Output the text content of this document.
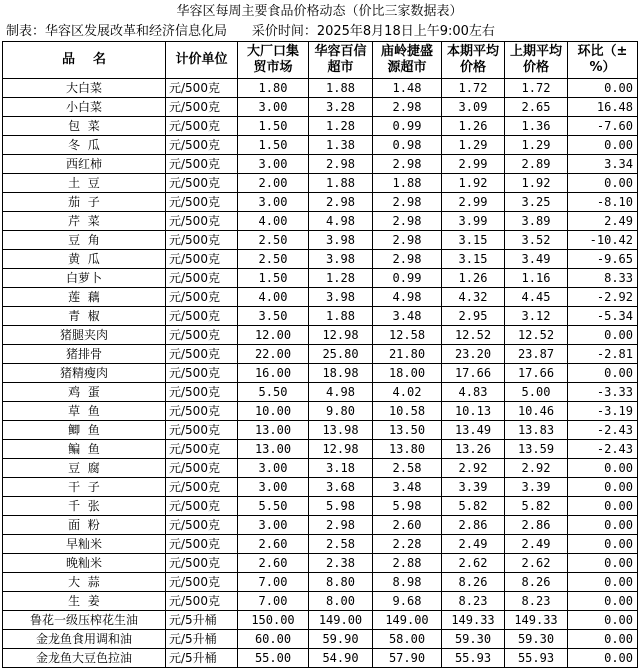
华容区每周主要食品价格动态（价比三家数据表）
制表：华容区发展改革和经济信息化局 采价时间：2025年8月18日上午9:00左右
品    名	计价单位	大厂口集贸市场	华容百信超市	庙岭捷盛源超市	本期平均价格	上期平均价格	环比（±%）
大白菜	元/500克	1.80	1.88	1.48	1.72	1.72	0.00
小白菜	元/500克	3.00	3.28	2.98	3.09	2.65	16.48
包  菜	元/500克	1.50	1.28	0.99	1.26	1.36	-7.60
冬  瓜	元/500克	1.50	1.38	0.98	1.29	1.29	0.00
西红柿	元/500克	3.00	2.98	2.98	2.99	2.89	3.34
土  豆	元/500克	2.00	1.88	1.88	1.92	1.92	0.00
茄  子	元/500克	3.00	2.98	2.98	2.99	3.25	-8.10
芹  菜	元/500克	4.00	4.98	2.98	3.99	3.89	2.49
豆  角	元/500克	2.50	3.98	2.98	3.15	3.52	-10.42
黄  瓜	元/500克	2.50	3.98	2.98	3.15	3.49	-9.65
白萝卜	元/500克	1.50	1.28	0.99	1.26	1.16	8.33
莲  藕	元/500克	4.00	3.98	4.98	4.32	4.45	-2.92
青  椒	元/500克	3.50	1.88	3.48	2.95	3.12	-5.34
猪腿夹肉	元/500克	12.00	12.98	12.58	12.52	12.52	0.00
猪排骨	元/500克	22.00	25.80	21.80	23.20	23.87	-2.81
猪精瘦肉	元/500克	16.00	18.98	18.00	17.66	17.66	0.00
鸡  蛋	元/500克	5.50	4.98	4.02	4.83	5.00	-3.33
草  鱼	元/500克	10.00	9.80	10.58	10.13	10.46	-3.19
鲫  鱼	元/500克	13.00	13.98	13.50	13.49	13.83	-2.43
鳊  鱼	元/500克	13.00	12.98	13.80	13.26	13.59	-2.43
豆  腐	元/500克	3.00	3.18	2.58	2.92	2.92	0.00
干  子	元/500克	3.00	3.68	3.48	3.39	3.39	0.00
千  张	元/500克	5.50	5.98	5.98	5.82	5.82	0.00
面  粉	元/500克	3.00	2.98	2.60	2.86	2.86	0.00
早籼米	元/500克	2.60	2.58	2.28	2.49	2.49	0.00
晚籼米	元/500克	2.60	2.38	2.88	2.62	2.62	0.00
大  蒜	元/500克	7.00	8.80	8.98	8.26	8.26	0.00
生  姜	元/500克	7.00	8.00	9.68	8.23	8.23	0.00
鲁花一级压榨花生油	元/5升桶	150.00	149.00	149.00	149.33	149.33	0.00
金龙鱼食用调和油	元/5升桶	60.00	59.90	58.00	59.30	59.30	0.00
金龙鱼大豆色拉油	元/5升桶	55.00	54.90	57.90	55.93	55.93	0.00
